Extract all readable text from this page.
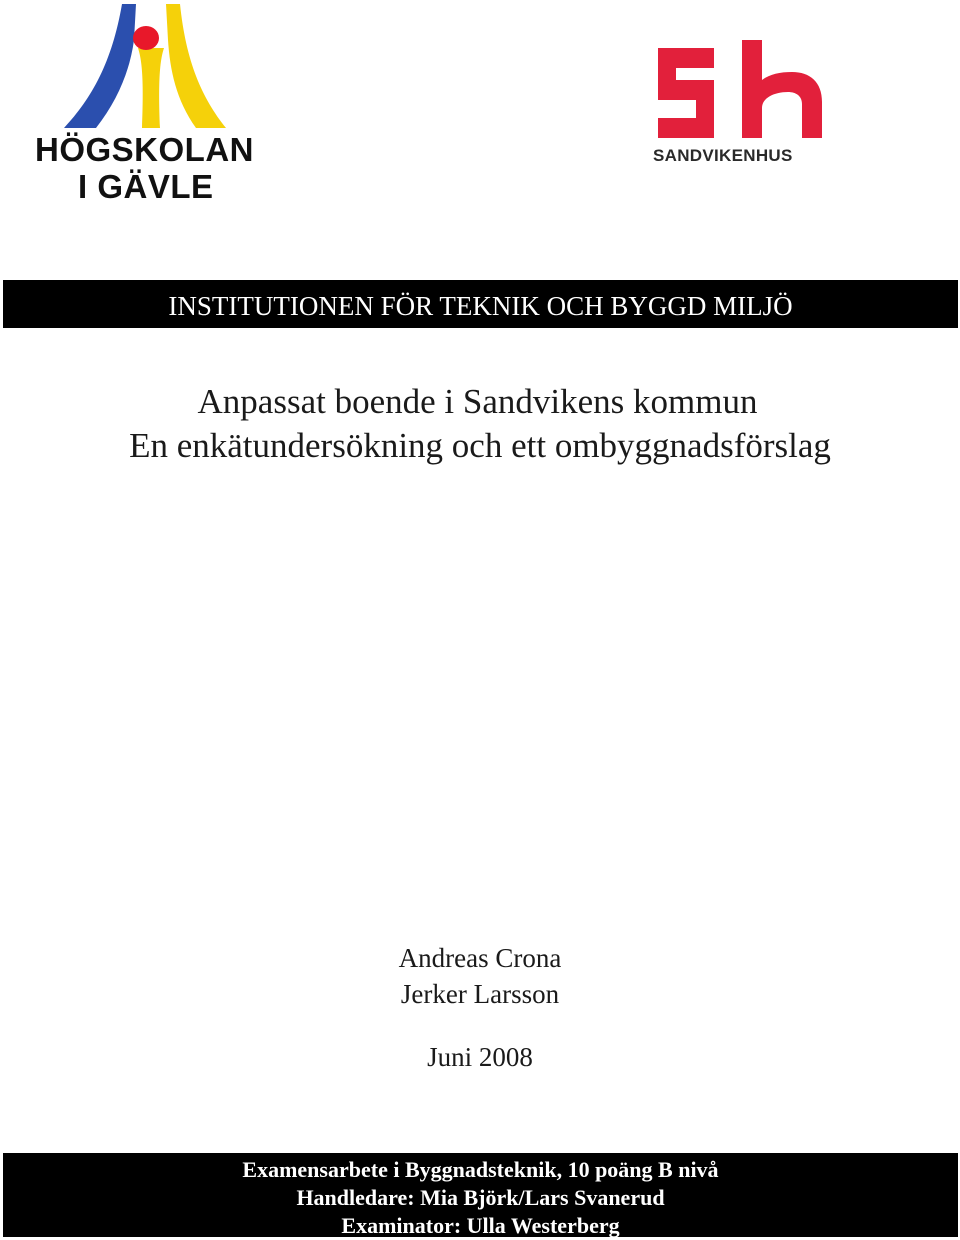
HÖGSKOLAN
I GÄVLE
SANDVIKENHUS
INSTITUTIONEN FÖR TEKNIK OCH BYGGD MILJÖ
Anpassat boende i Sandvikens kommun
En enkätundersökning och ett ombyggnadsförslag
Andreas Crona
Jerker Larsson
Juni 2008
Examensarbete i Byggnadsteknik, 10 poäng B nivå
Handledare: Mia Björk/Lars Svanerud
Examinator: Ulla Westerberg
